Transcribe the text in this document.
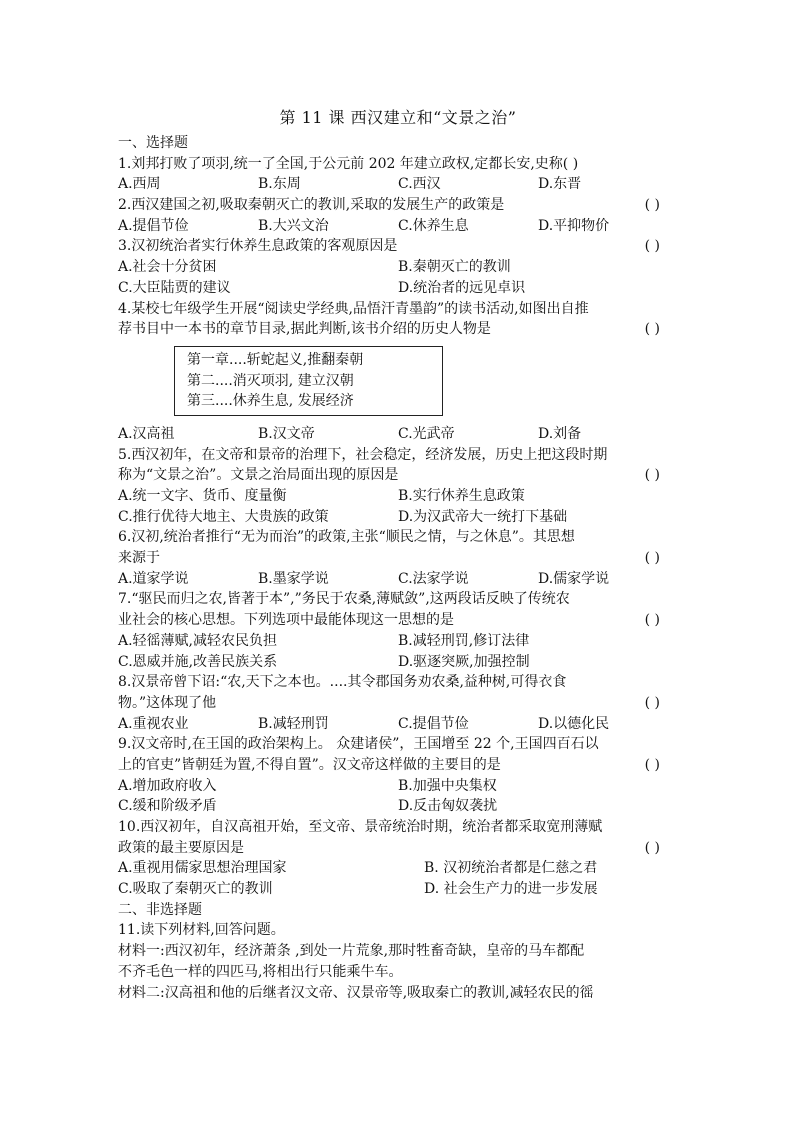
第 11 课 西汉建立和“文景之治”
一、选择题
1.刘邦打败了项羽,统一了全国,于公元前 202 年建立政权,定都长安,史称( )
A.西周	B.东周	C.西汉	D.东晋
2.西汉建国之初,吸取秦朝灭亡的教训,采取的发展生产的政策是	( )
A.提倡节俭	B.大兴文治	C.休养生息	D.平抑物价
3.汉初统治者实行休养生息政策的客观原因是	( )
A.社会十分贫困	B.秦朝灭亡的教训
C.大臣陆贾的建议	D.统治者的远见卓识
4.某校七年级学生开展“阅读史学经典,品悟汗青墨韵”的读书活动,如图出自推
荐书目中一本书的章节目录,据此判断,该书介绍的历史人物是	( )
第一章....斩蛇起义,推翻秦朝
第二....消灭项羽, 建立汉朝
第三....休养生息, 发展经济
A.汉高祖	B.汉文帝	C.光武帝	D.刘备
5.西汉初年，在文帝和景帝的治理下，社会稳定，经济发展，历史上把这段时期
称为“文景之治”。文景之治局面出现的原因是	( )
A.统一文字、货币、度量衡	B.实行休养生息政策
C.推行优待大地主、大贵族的政策	D.为汉武帝大一统打下基础
6.汉初,统治者推行“无为而治”的政策,主张“顺民之情，与之休息”。其思想
来源于	( )
A.道家学说	B.墨家学说	C.法家学说	D.儒家学说
7.“驱民而归之农,皆著于本”,”务民于农桑,薄赋敛”,这两段话反映了传统农
业社会的核心思想。下列选项中最能体现这一思想的是	( )
A.轻徭薄赋,减轻农民负担	B.减轻刑罚,修订法律
C.恩威并施,改善民族关系	D.驱逐突厥,加强控制
8.汉景帝曾下诏:“农,天下之本也。....其令郡国务劝农桑,益种树,可得衣食
物。”这体现了他	( )
A.重视农业	B.减轻刑罚	C.提倡节俭	D.以德化民
9.汉文帝时,在王国的政治架构上。 众建诸侯”，王国增至 22 个,王国四百石以
上的官吏”皆朝廷为置,不得自置”。汉文帝这样做的主要目的是	( )
A.增加政府收入	B.加强中央集权
C.缓和阶级矛盾	D.反击匈奴袭扰
10.西汉初年，自汉高祖开始，至文帝、景帝统治时期，统治者都采取宽刑薄赋
政策的最主要原因是	( )
A.重视用儒家思想治理国家	B. 汉初统治者都是仁慈之君
C.吸取了秦朝灭亡的教训	D. 社会生产力的进一步发展
二、非选择题
11.读下列材料,回答问题。
材料一:西汉初年，经济萧条 ,到处一片荒象,那时牲畜奇缺，皇帝的马车都配
不齐毛色一样的四匹马,将相出行只能乘牛车。
材料二:汉高祖和他的后继者汉文帝、汉景帝等,吸取秦亡的教训,减轻农民的徭
